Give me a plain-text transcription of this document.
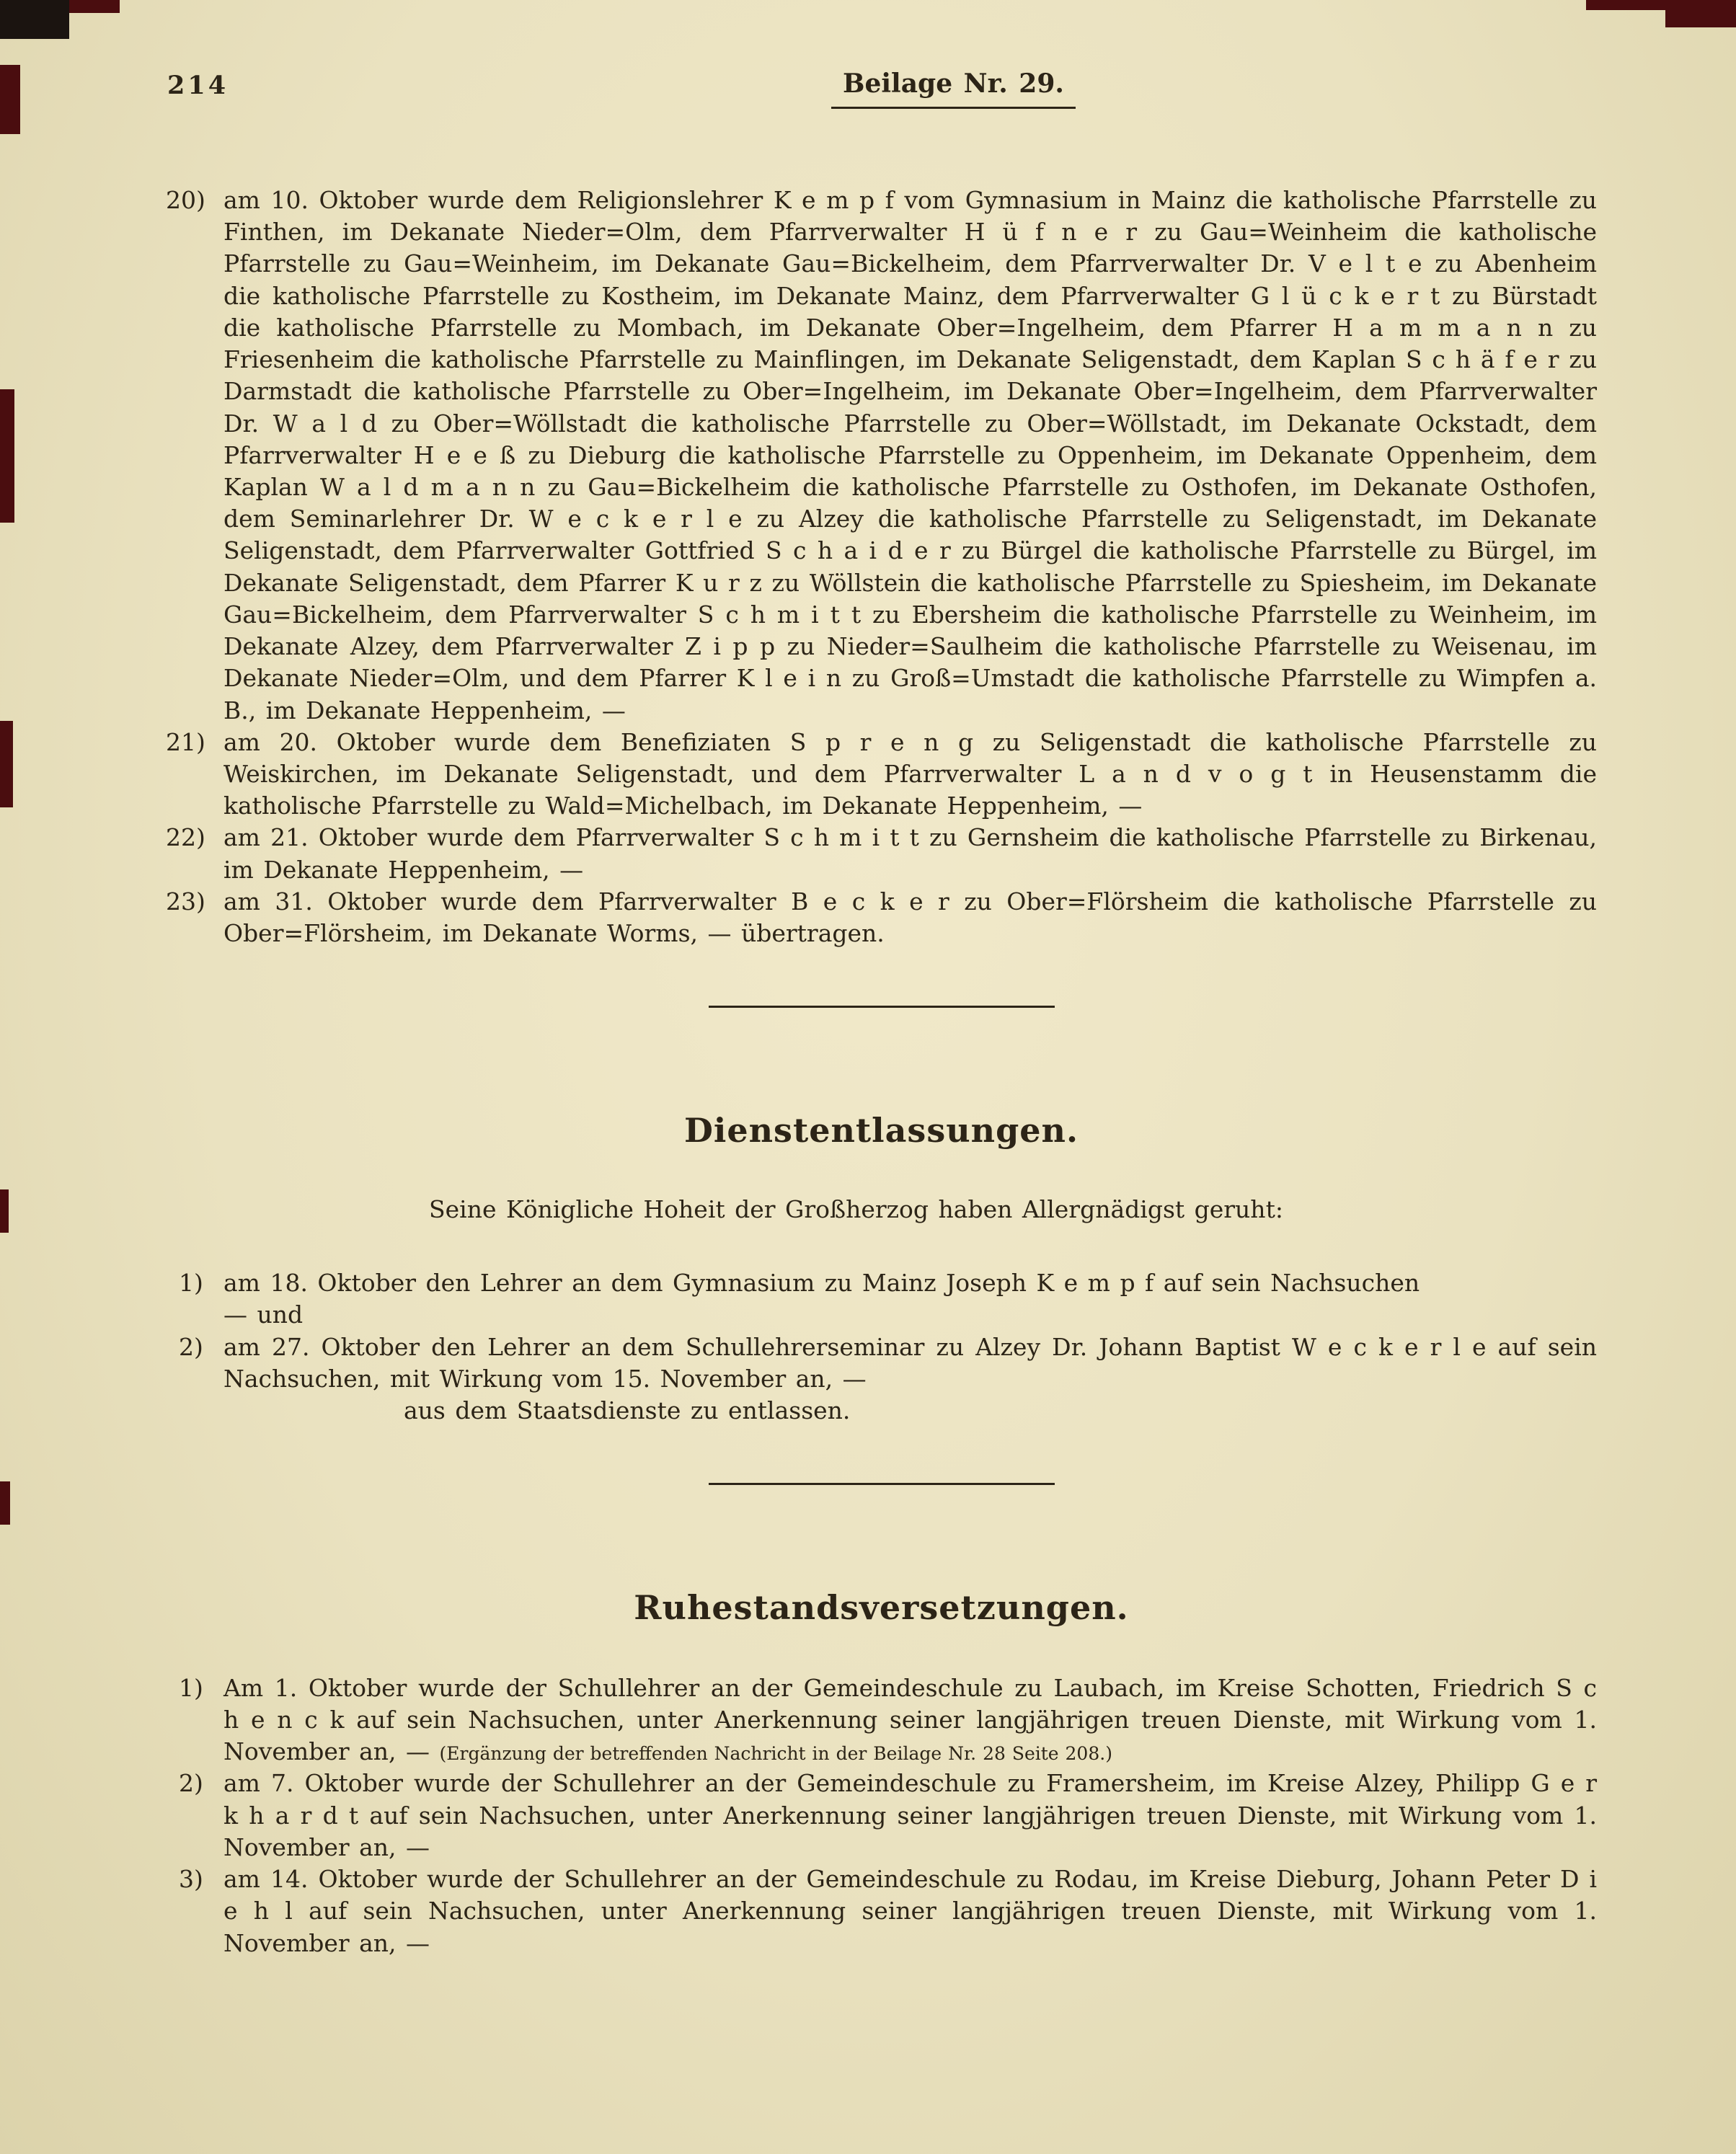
214	Beilage Nr. 29.
20) am 10. Oktober wurde dem Religionslehrer K e m p f vom Gymnasium in Mainz die katholische Pfarrstelle zu Finthen, im Dekanate Nieder=Olm, dem Pfarrverwalter H ü f n e r zu Gau=Weinheim die katholische Pfarrstelle zu Gau=Weinheim, im Dekanate Gau=Bickelheim, dem Pfarrverwalter Dr. V e l t e zu Abenheim die katholische Pfarrstelle zu Kostheim, im Dekanate Mainz, dem Pfarrverwalter G l ü c k e r t zu Bürstadt die katholische Pfarrstelle zu Mombach, im Dekanate Ober=Ingelheim, dem Pfarrer H a m m a n n zu Friesenheim die katholische Pfarrstelle zu Mainflingen, im Dekanate Seligenstadt, dem Kaplan S c h ä f e r zu Darmstadt die katholische Pfarrstelle zu Ober=Ingelheim, im Dekanate Ober=Ingelheim, dem Pfarrverwalter Dr. W a l d zu Ober=Wöllstadt die katholische Pfarrstelle zu Ober=Wöllstadt, im Dekanate Ockstadt, dem Pfarrverwalter H e e ß zu Dieburg die katholische Pfarrstelle zu Oppenheim, im Dekanate Oppenheim, dem Kaplan W a l d m a n n zu Gau=Bickelheim die katholische Pfarrstelle zu Osthofen, im Dekanate Osthofen, dem Seminarlehrer Dr. W e c k e r l e zu Alzey die katholische Pfarrstelle zu Seligenstadt, im Dekanate Seligenstadt, dem Pfarrverwalter Gottfried S c h a i d e r zu Bürgel die katholische Pfarrstelle zu Bürgel, im Dekanate Seligenstadt, dem Pfarrer K u r z zu Wöllstein die katholische Pfarrstelle zu Spiesheim, im Dekanate Gau=Bickelheim, dem Pfarrverwalter S c h m i t t zu Ebersheim die katholische Pfarrstelle zu Weinheim, im Dekanate Alzey, dem Pfarrverwalter Z i p p zu Nieder=Saulheim die katholische Pfarrstelle zu Weisenau, im Dekanate Nieder=Olm, und dem Pfarrer K l e i n zu Groß=Umstadt die katholische Pfarrstelle zu Wimpfen a. B., im Dekanate Heppenheim, —
21) am 20. Oktober wurde dem Benefiziaten S p r e n g zu Seligenstadt die katholische Pfarrstelle zu Weiskirchen, im Dekanate Seligenstadt, und dem Pfarrverwalter L a n d v o g t in Heusenstamm die katholische Pfarrstelle zu Wald=Michelbach, im Dekanate Heppenheim, —
22) am 21. Oktober wurde dem Pfarrverwalter S c h m i t t zu Gernsheim die katholische Pfarrstelle zu Birkenau, im Dekanate Heppenheim, —
23) am 31. Oktober wurde dem Pfarrverwalter B e c k e r zu Ober=Flörsheim die katholische Pfarrstelle zu Ober=Flörsheim, im Dekanate Worms, — übertragen.
Dienstentlassungen.

Seine Königliche Hoheit der Großherzog haben Allergnädigst geruht:

1) am 18. Oktober den Lehrer an dem Gymnasium zu Mainz Joseph K e m p f auf sein Nachsuchen
— und
2) am 27. Oktober den Lehrer an dem Schullehrerseminar zu Alzey Dr. Johann Baptist W e c k e r l e auf sein Nachsuchen, mit Wirkung vom 15. November an, —
aus dem Staatsdienste zu entlassen.
Ruhestandsversetzungen.
1) Am 1. Oktober wurde der Schullehrer an der Gemeindeschule zu Laubach, im Kreise Schotten, Friedrich S c h e n c k auf sein Nachsuchen, unter Anerkennung seiner langjährigen treuen Dienste, mit Wirkung vom 1. November an, — (Ergänzung der betreffenden Nachricht in der Beilage Nr. 28 Seite 208.)
2) am 7. Oktober wurde der Schullehrer an der Gemeindeschule zu Framersheim, im Kreise Alzey, Philipp G e r k h a r d t auf sein Nachsuchen, unter Anerkennung seiner langjährigen treuen Dienste, mit Wirkung vom 1. November an, —
3) am 14. Oktober wurde der Schullehrer an der Gemeindeschule zu Rodau, im Kreise Dieburg, Johann Peter D i e h l auf sein Nachsuchen, unter Anerkennung seiner langjährigen treuen Dienste, mit Wirkung vom 1. November an, —
